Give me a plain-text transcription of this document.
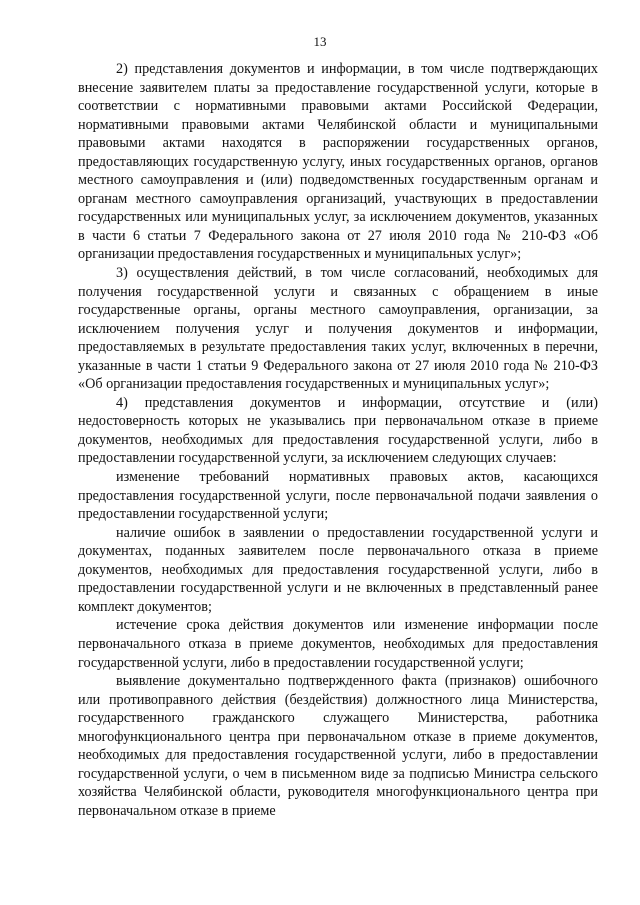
13

2) представления документов и информации, в том числе подтверждающих внесение заявителем платы за предоставление государственной услуги, которые в соответствии с нормативными правовыми актами Российской Федерации, нормативными правовыми актами Челябинской области и муниципальными правовыми актами находятся в распоряжении государственных органов, предоставляющих государственную услугу, иных государственных органов, органов местного самоуправления и (или) подведомственных государственным органам и органам местного самоуправления организаций, участвующих в предоставлении государственных или муниципальных услуг, за исключением документов, указанных в части 6 статьи 7 Федерального закона от 27 июля 2010 года № 210-ФЗ «Об организации предоставления государственных и муниципальных услуг»;

3) осуществления действий, в том числе согласований, необходимых для получения государственной услуги и связанных с обращением в иные государственные органы, органы местного самоуправления, организации, за исключением получения услуг и получения документов и информации, предоставляемых в результате предоставления таких услуг, включенных в перечни, указанные в части 1 статьи 9 Федерального закона от 27 июля 2010 года № 210-ФЗ «Об организации предоставления государственных и муниципальных услуг»;

4) представления документов и информации, отсутствие и (или) недостоверность которых не указывались при первоначальном отказе в приеме документов, необходимых для предоставления государственной услуги, либо в предоставлении государственной услуги, за исключением следующих случаев:

изменение требований нормативных правовых актов, касающихся предоставления государственной услуги, после первоначальной подачи заявления о предоставлении государственной услуги;

наличие ошибок в заявлении о предоставлении государственной услуги и документах, поданных заявителем после первоначального отказа в приеме документов, необходимых для предоставления государственной услуги, либо в предоставлении государственной услуги и не включенных в представленный ранее комплект документов;

истечение срока действия документов или изменение информации после первоначального отказа в приеме документов, необходимых для предоставления государственной услуги, либо в предоставлении государственной услуги;

выявление документально подтвержденного факта (признаков) ошибочного или противоправного действия (бездействия) должностного лица Министерства, государственного гражданского служащего Министерства, работника многофункционального центра при первоначальном отказе в приеме документов, необходимых для предоставления государственной услуги, либо в предоставлении государственной услуги, о чем в письменном виде за подписью Министра сельского хозяйства Челябинской области, руководителя многофункционального центра при первоначальном отказе в приеме
